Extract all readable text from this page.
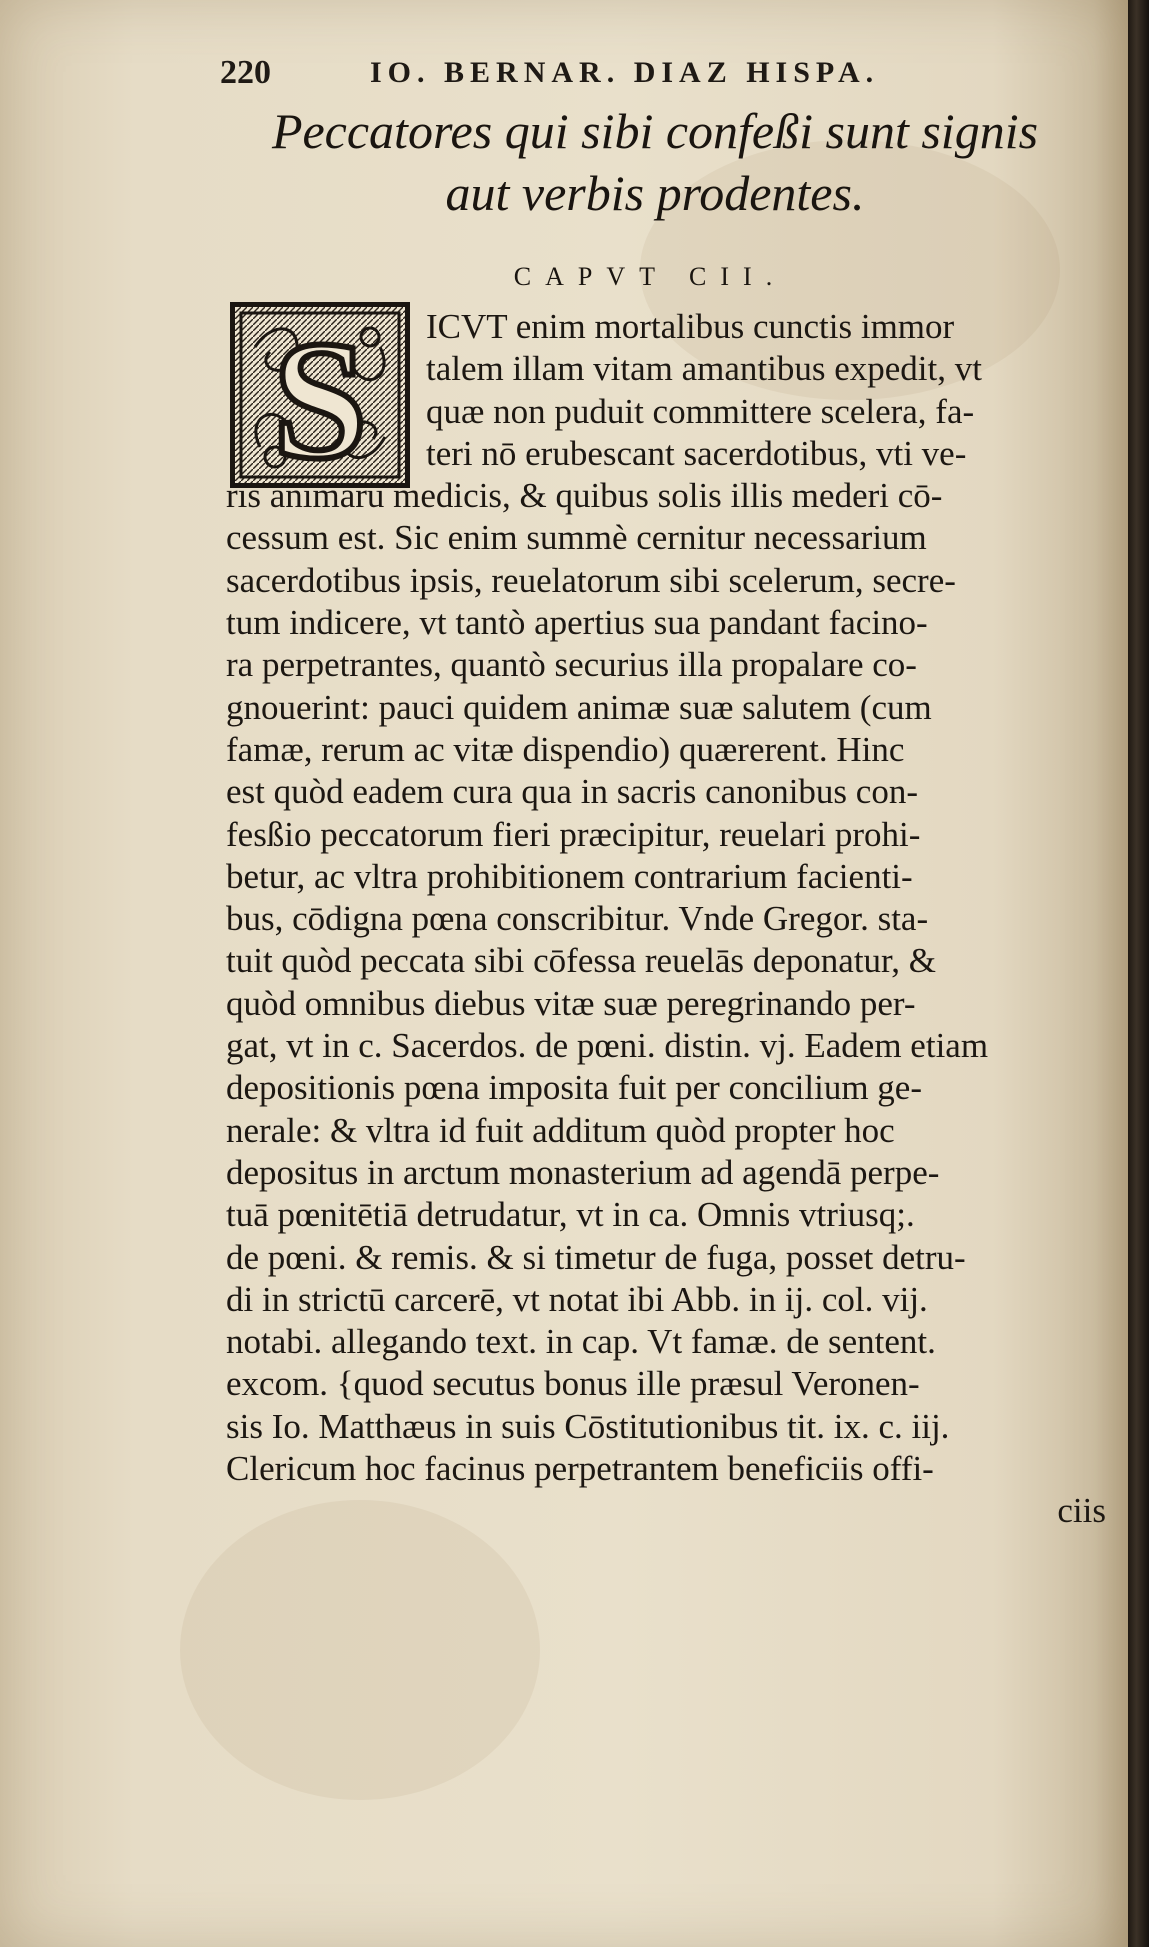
220	IO. BERNAR. DIAZ HISPA.
Peccatores qui sibi confeßi sunt signis
aut verbis prodentes.
CAPVT CII.
S	ICVT enim mortalibus cunctis immor
talem illam vitam amantibus expedit, vt
quæ non puduit committere scelera, fa-
teri nō erubescant sacerdotibus, vti ve-
ris animarū medicis, & quibus solis illis mederi cō-
cessum est. Sic enim summè cernitur necessarium
sacerdotibus ipsis, reuelatorum sibi scelerum, secre-
tum indicere, vt tantò apertius sua pandant facino-
ra perpetrantes, quantò securius illa propalare co-
gnouerint: pauci quidem animæ suæ salutem (cum
famæ, rerum ac vitæ dispendio) quærerent. Hinc
est quòd eadem cura qua in sacris canonibus con-
fesßio peccatorum fieri præcipitur, reuelari prohi-
betur, ac vltra prohibitionem contrarium facienti-
bus, cōdigna pœna conscribitur. Vnde Gregor. sta-
tuit quòd peccata sibi cōfessa reuelās deponatur, &
quòd omnibus diebus vitæ suæ peregrinando per-
gat, vt in c. Sacerdos. de pœni. distin. vj. Eadem etiam
depositionis pœna imposita fuit per concilium ge-
nerale: & vltra id fuit additum quòd propter hoc
depositus in arctum monasterium ad agendā perpe-
tuā pœnitētiā detrudatur, vt in ca. Omnis vtriusq;.
de pœni. & remis. & si timetur de fuga, posset detru-
di in strictū carcerē, vt notat ibi Abb. in ij. col. vij.
notabi. allegando text. in cap. Vt famæ. de sentent.
excom. {quod secutus bonus ille præsul Veronen-
sis Io. Matthæus in suis Cōstitutionibus tit. ix. c. iij.
Clericum hoc facinus perpetrantem beneficiis offi-
ciis
